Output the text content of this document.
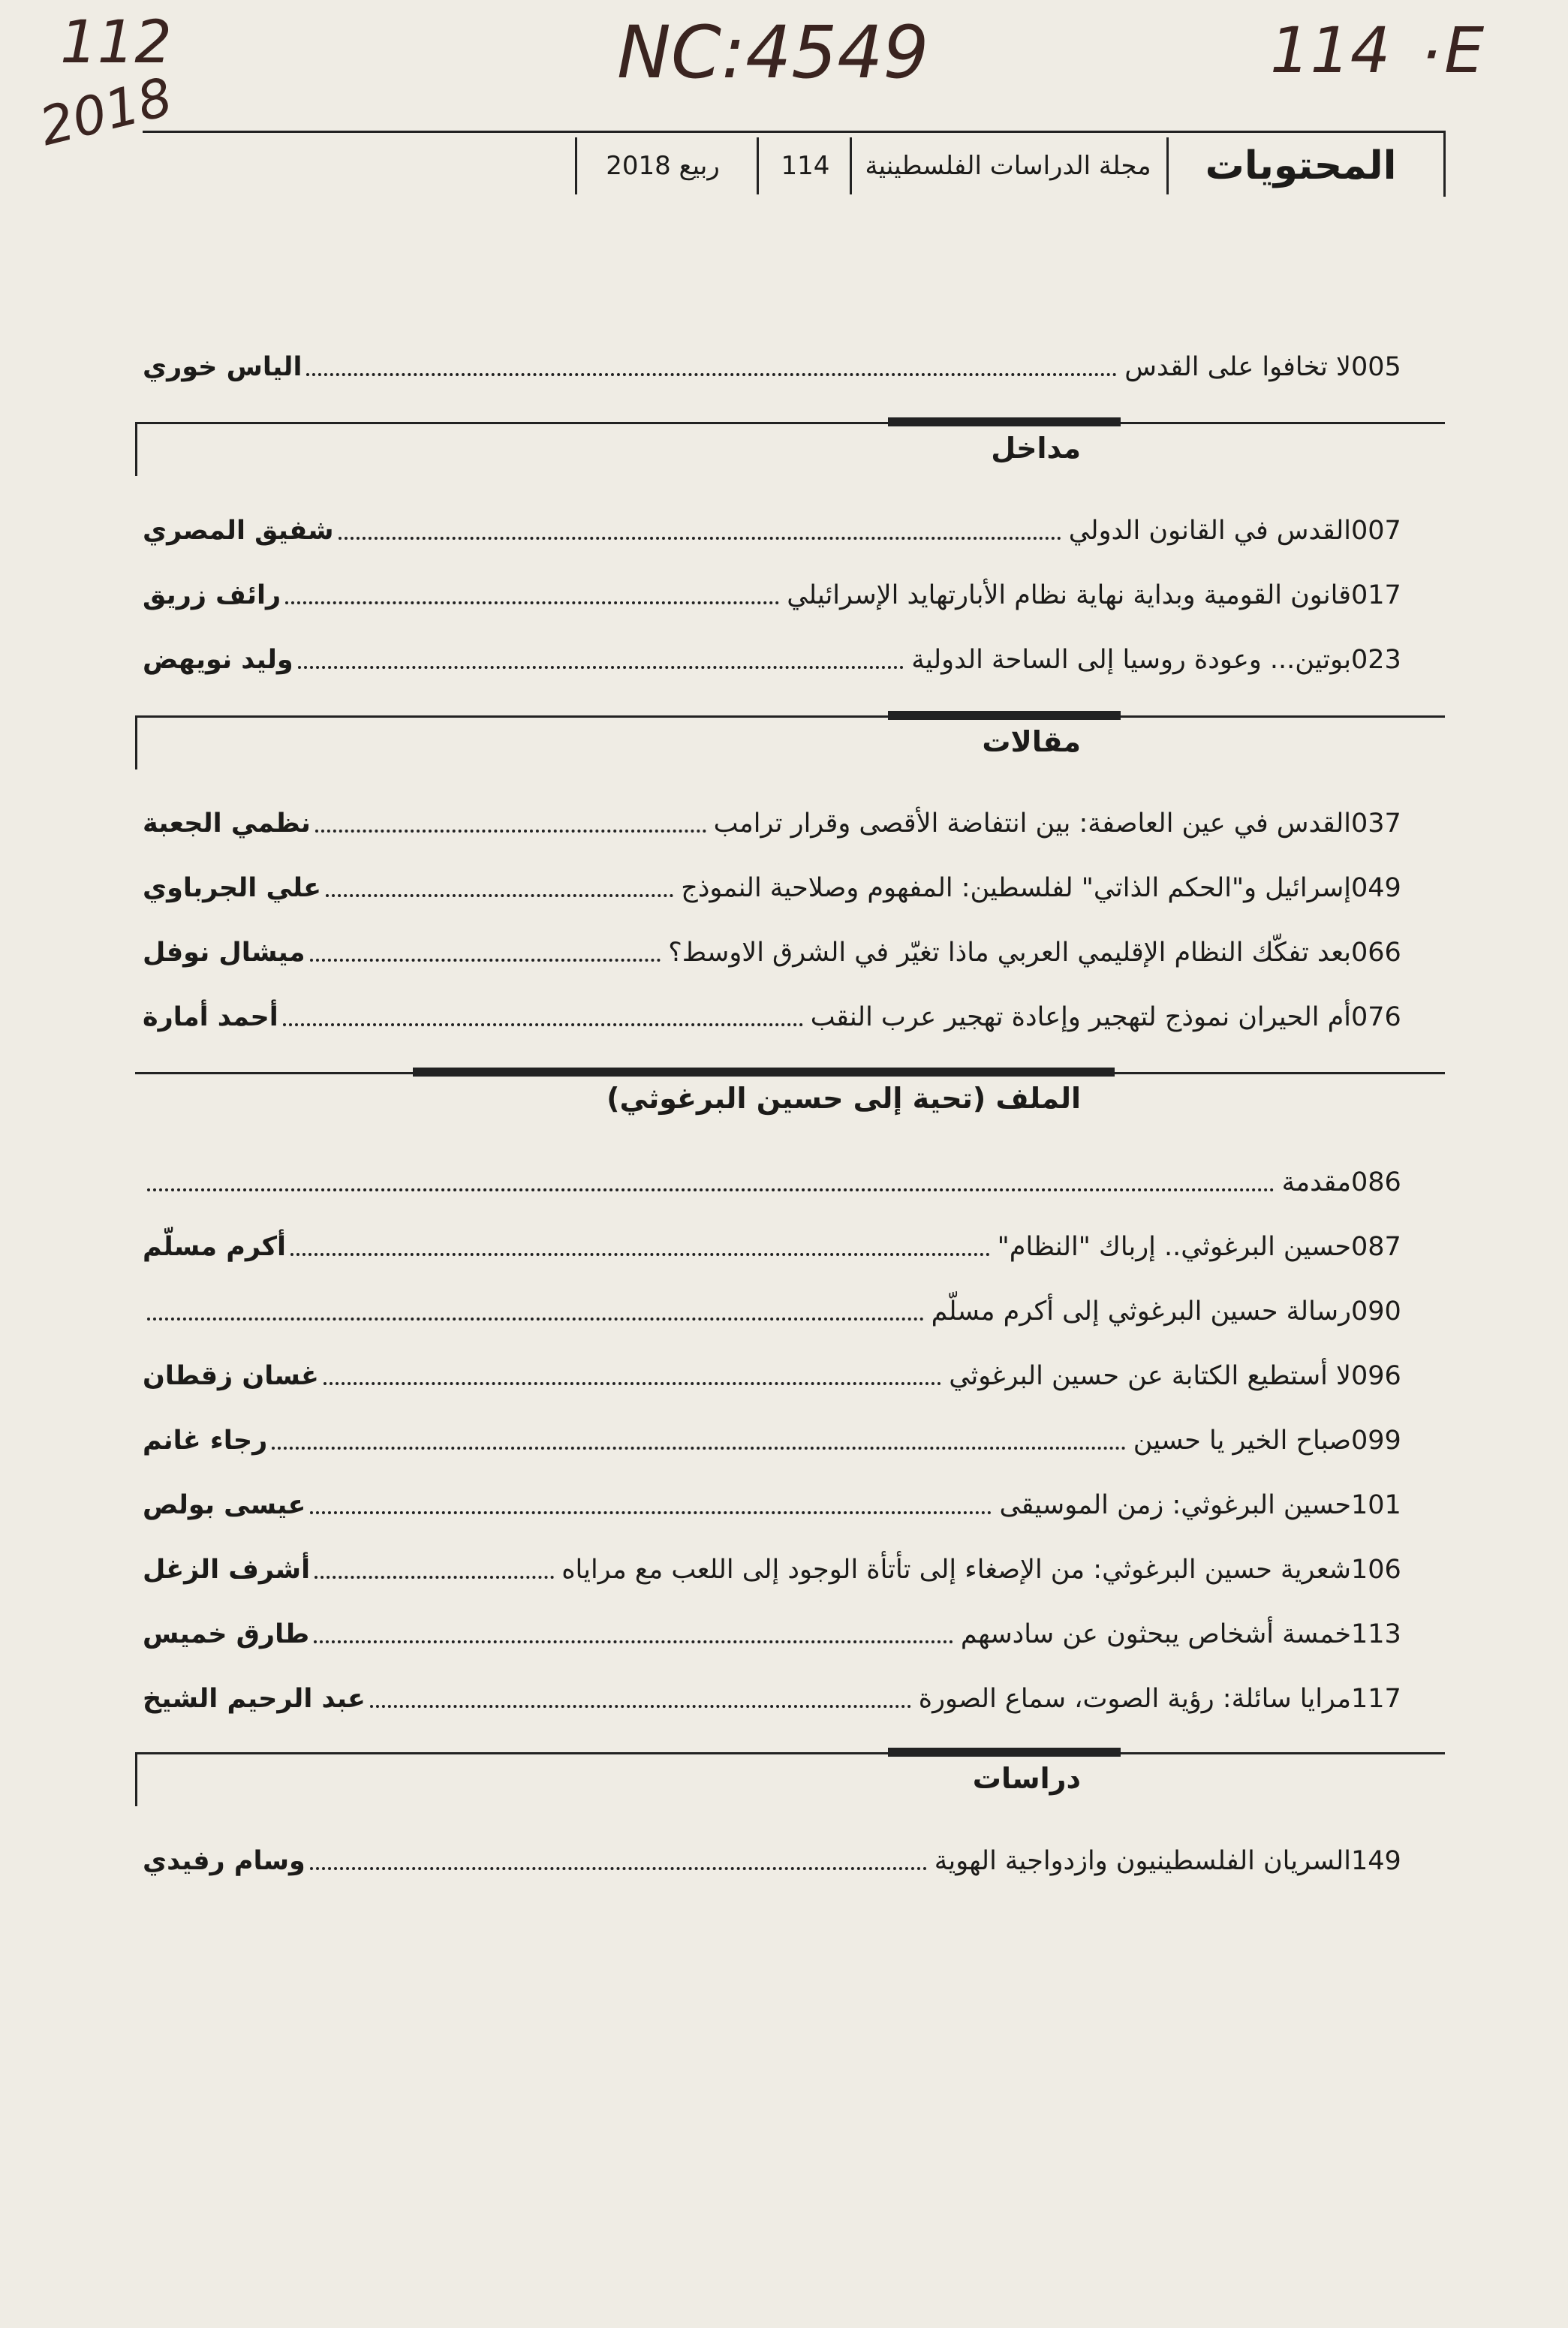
112
2018
NC:4549	114 ٠E
المحتويات
مجلة الدراسات الفلسطينية
114
ربيع 2018
005
لا تخافوا على القدس
الياس خوري
مداخل
007
القدس في القانون الدولي
شفيق المصري
017
قانون القومية وبداية نهاية نظام الأبارتهايد الإسرائيلي
رائف زريق
023
بوتين... وعودة روسيا إلى الساحة الدولية
وليد نويهض
مقالات
037
القدس في عين العاصفة: بين انتفاضة الأقصى وقرار ترامب
نظمي الجعبة
049
إسرائيل و"الحكم الذاتي" لفلسطين: المفهوم وصلاحية النموذج
علي الجرباوي
066
بعد تفكّك النظام الإقليمي العربي ماذا تغيّر في الشرق الاوسط؟
ميشال نوفل
076
أم الحيران نموذج لتهجير وإعادة تهجير عرب النقب
أحمد أمارة
الملف (تحية إلى حسين البرغوثي)
086
مقدمة
087
حسين البرغوثي.. إرباك "النظام"
أكرم مسلّم
090
رسالة حسين البرغوثي إلى أكرم مسلّم
096
لا أستطيع الكتابة عن حسين البرغوثي
غسان زقطان
099
صباح الخير يا حسين
رجاء غانم
101
حسين البرغوثي: زمن الموسيقى
عيسى بولص
106
شعرية حسين البرغوثي: من الإصغاء إلى تأتأة الوجود إلى اللعب مع مراياه
أشرف الزغل
113
خمسة أشخاص يبحثون عن سادسهم
طارق خميس
117
مرايا سائلة: رؤية الصوت، سماع الصورة
عبد الرحيم الشيخ
دراسات
149
السريان الفلسطينيون وازدواجية الهوية
وسام رفيدي
